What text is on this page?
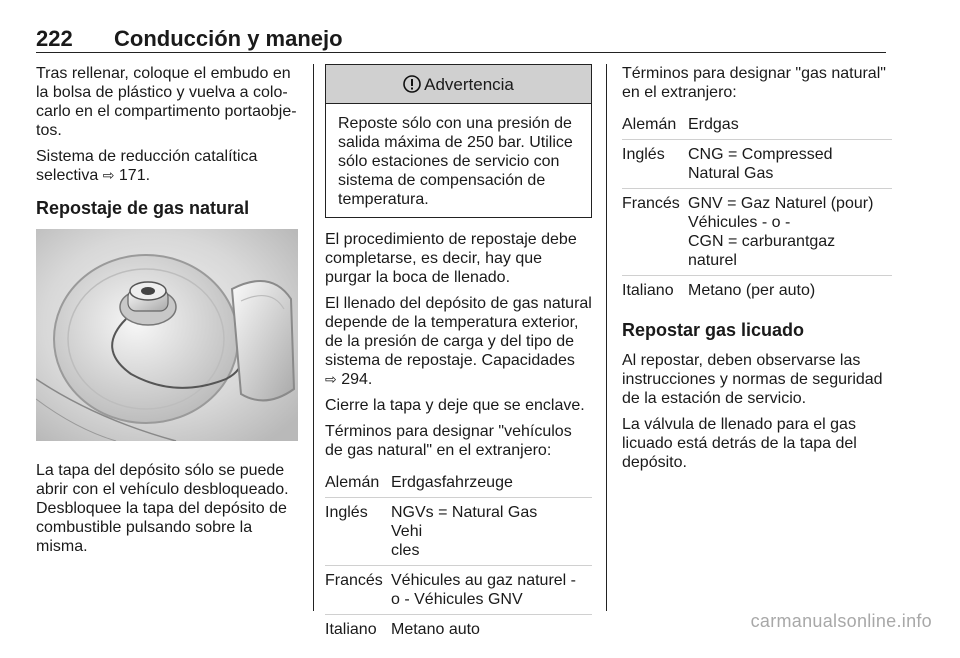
222 Conducción y manejo

Tras rellenar, coloque el embudo en la bolsa de plástico y vuelva a colocarlo en el compartimento portaobjetos.

Sistema de reducción catalítica selectiva ⇨ 171.

Repostaje de gas natural

La tapa del depósito sólo se puede abrir con el vehículo desbloqueado. Desbloquee la tapa del depósito de combustible pulsando sobre la misma.

Advertencia
Reposte sólo con una presión de salida máxima de 250 bar. Utilice sólo estaciones de servicio con sistema de compensación de temperatura.

El procedimiento de repostaje debe completarse, es decir, hay que purgar la boca de llenado.

El llenado del depósito de gas natural depende de la temperatura exterior, de la presión de carga y del tipo de sistema de repostaje. Capacidades
⇨ 294.

Cierre la tapa y deje que se enclave.

Términos para designar "vehículos de gas natural" en el extranjero:

Alemán Erdgasfahrzeuge
Inglés	NGVs = Natural Gas Vehi
cles
Francés Véhicules au gaz naturel -
o - Véhicules GNV
Italiano Metano auto

Términos para designar "gas natural" en el extranjero:

Alemán Erdgas
Inglés	CNG = Compressed
Natural Gas
Francés GNV = Gaz Naturel (pour)
Véhicules - o -
CGN = carburantgaz
naturel
Italiano Metano (per auto)
Repostar gas licuado

Al repostar, deben observarse las instrucciones y normas de seguridad de la estación de servicio.

La válvula de llenado para el gas licuado está detrás de la tapa del depósito.

carmanualsonline.info
